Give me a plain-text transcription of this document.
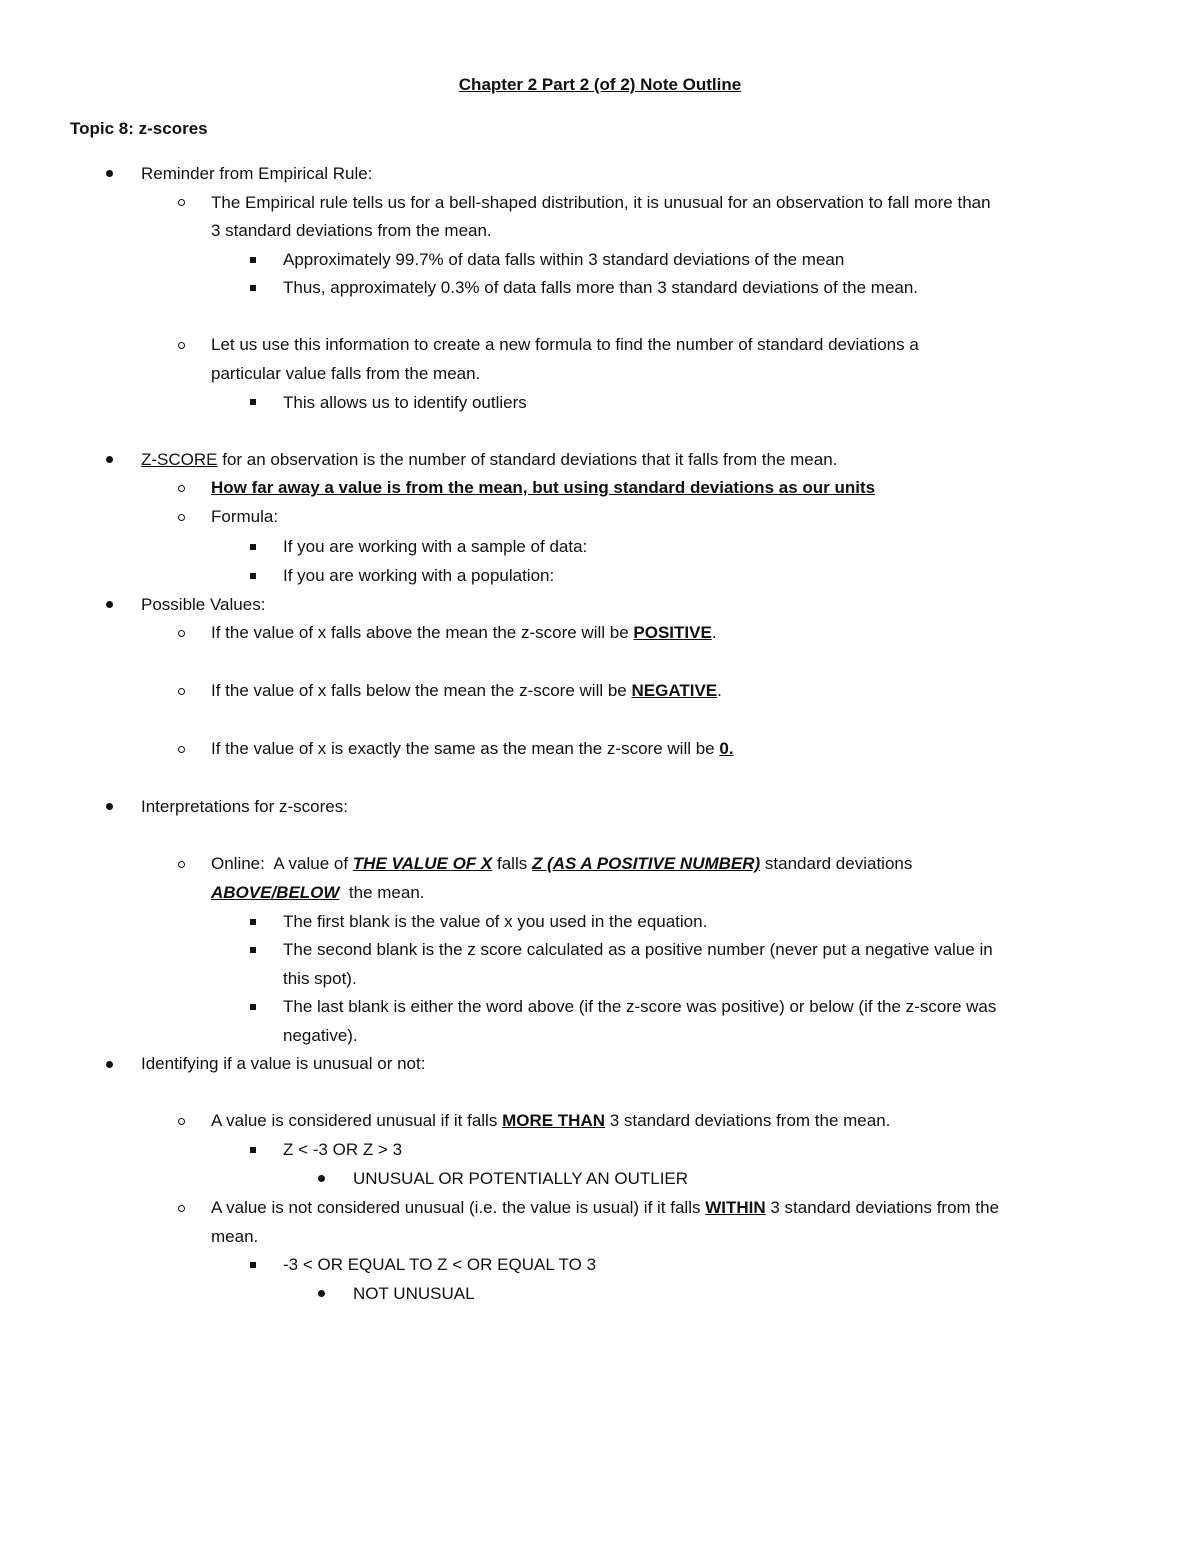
Chapter 2 Part 2 (of 2) Note Outline
Topic 8: z-scores
Reminder from Empirical Rule:
The Empirical rule tells us for a bell-shaped distribution, it is unusual for an observation to fall more than
3 standard deviations from the mean.
Approximately 99.7% of data falls within 3 standard deviations of the mean
Thus, approximately 0.3% of data falls more than 3 standard deviations of the mean.
Let us use this information to create a new formula to find the number of standard deviations a
particular value falls from the mean.
This allows us to identify outliers
Z-SCORE for an observation is the number of standard deviations that it falls from the mean.
How far away a value is from the mean, but using standard deviations as our units
Formula:
If you are working with a sample of data:
If you are working with a population:
Possible Values:
If the value of x falls above the mean the z-score will be POSITIVE.
If the value of x falls below the mean the z-score will be NEGATIVE.
If the value of x is exactly the same as the mean the z-score will be 0.
Interpretations for z-scores:
Online:  A value of THE VALUE OF X falls Z (AS A POSITIVE NUMBER) standard deviations
ABOVE/BELOW  the mean.
The first blank is the value of x you used in the equation.
The second blank is the z score calculated as a positive number (never put a negative value in
this spot).
The last blank is either the word above (if the z-score was positive) or below (if the z-score was
negative).
Identifying if a value is unusual or not:
A value is considered unusual if it falls MORE THAN 3 standard deviations from the mean.
Z < -3 OR Z > 3
UNUSUAL OR POTENTIALLY AN OUTLIER
A value is not considered unusual (i.e. the value is usual) if it falls WITHIN 3 standard deviations from the
mean.
-3 < OR EQUAL TO Z < OR EQUAL TO 3
NOT UNUSUAL
